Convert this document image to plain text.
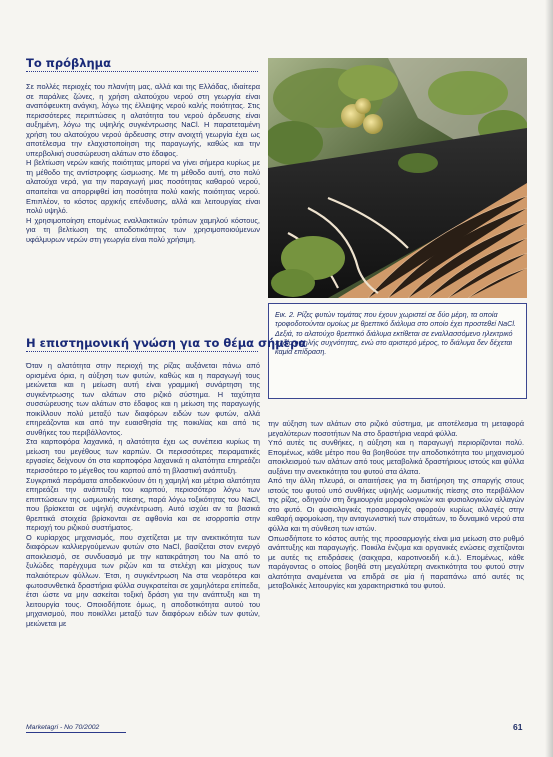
Το πρόβλημα

Σε πολλές περιοχές του πλανήτη μας, αλλά και της Ελλάδας, ιδιαίτερα σε παράλιες ζώνες, η χρήση αλατούχου νερού στη γεωργία είναι αναπόφευκτη ανάγκη, λόγω της έλλειψης νερού καλής ποιότητας. Στις περισσότερες περιπτώσεις η αλατότητα του νερού άρδευσης είναι αυξημένη, λόγω της υψηλής συγκέντρωσης NaCl. Η παρατεταμένη χρήση του αλατούχου νερού άρδευσης στην ανοιχτή γεωργία έχει ως αποτέλεσμα την ελαχιστοποίηση της παραγωγής, καθώς και την υπερβολική συσσώρευση αλάτων στο έδαφος.

Η βελτίωση νερών κακής ποιότητας μπορεί να γίνει σήμερα κυρίως με τη μέθοδο της αντίστροφης ώσμωσης. Με τη μέθοδο αυτή, στο πολύ αλατούχα νερά, για την παραγωγή μιας ποσότητας καθαρού νερού, απαιτείται να απορριφθεί ίση ποσότητα πολύ κακής ποιότητας νερού. Επιπλέον, το κόστος αρχικής επένδυσης, αλλά και λειτουργίας είναι πολύ υψηλό.

Η χρησιμοποίηση επομένως εναλλακτικών τρόπων χαμηλού κόστους, για τη βελτίωση της αποδοτικότητας των χρησιμοποιούμενων υφάλμυρων νερών στη γεωργία είναι πολύ χρήσιμη.

Εικ. 2. Ρίζες φυτών τομάτας που έχουν χωριστεί σε δύο μέρη, τα οποία τροφοδοτούνται ομοίως με θρεπτικό διάλυμα στο οποίο έχει προστεθεί NaCl. Δεξιά, το αλατούχο θρεπτικό διάλυμα εκτίθεται σε εναλλασσόμενο ηλεκτρικό πεδίο υψηλής συχνότητας, ενώ στο αριστερό μέρος, το διάλυμα δεν δέχεται καμία επίδραση.
Η επιστημονική γνώση για το θέμα σήμερα

Όταν η αλατότητα στην περιοχή της ρίζας αυξάνεται πάνω από ορισμένα όρια, η αύξηση των φυτών, καθώς και η παραγωγή τους μειώνεται και η μείωση αυτή είναι γραμμική συνάρτηση της συγκέντρωσης των αλάτων στο ριζικό σύστημα. Η ταχύτητα συσσώρευσης των αλάτων στο έδαφος και η μείωση της παραγωγής ποικίλλουν πολύ μεταξύ των διαφόρων ειδών των φυτών, αλλά επηρεάζονται και από την ευαισθησία της ποικιλίας και από τις συνθήκες του περιβάλλοντος.

Στα καρποφόρα λαχανικά, η αλατότητα έχει ως συνέπεια κυρίως τη μείωση του μεγέθους των καρπών. Οι περισσότερες πειραματικές εργασίες δείχνουν ότι στα καρποφόρα λαχανικά η αλατότητα επηρεάζει περισσότερο το μέγεθος του καρπού από τη βλαστική ανάπτυξη.

Συγκριτικά πειράματα αποδεικνύουν ότι η χαμηλή και μέτρια αλατότητα επηρεάζει την ανάπτυξη του καρπού, περισσότερο λόγω των επιπτώσεων της ωσμωτικής πίεσης, παρά λόγω τοξικότητας του NaCl, που βρίσκεται σε υψηλή συγκέντρωση. Αυτό ισχύει αν τα βασικά θρεπτικά στοιχεία βρίσκονται σε αφθονία και σε ισορροπία στην περιοχή του ριζικού συστήματος.

Ο κυρίαρχος μηχανισμός, που σχετίζεται με την ανεκτικότητα των διαφόρων καλλιεργούμενων φυτών στο NaCl, βασίζεται στον ενεργό αποκλεισμό, σε συνδυασμό με την κατακράτηση του Na από το ξυλώδες παρέγχυμα των ριζών και τα στελέχη και μίσχους των παλαιότερων φύλλων. Έτσι, η συγκέντρωση Na στα νεαρότερα και φωτοσυνθετικά δραστήρια φύλλα συγκρατείται σε χαμηλότερα επίπεδα, έτσι ώστε να μην ασκείται τοξική δράση για την ανάπτυξη και τη λειτουργία τους. Οποιοδήποτε όμως, η αποδοτικότητα αυτού του μηχανισμού, που ποικίλλει μεταξύ των διαφόρων ειδών των φυτών, μειώνεται με

την αύξηση των αλάτων στο ριζικό σύστημα, με αποτέλεσμα τη μεταφορά μεγαλύτερων ποσοτήτων Na στο δραστήρια νεαρά φύλλα.

Υπό αυτές τις συνθήκες, η αύξηση και η παραγωγή περιορίζονται πολύ. Επομένως, κάθε μέτρο που θα βοηθούσε την αποδοτικότητα του μηχανισμού αποκλεισμού των αλάτων από τους μεταβολικά δραστήριους ιστούς και φύλλα αυξάνει την ανεκτικότητα του φυτού στα άλατα.

Από την άλλη πλευρά, οι απαιτήσεις για τη διατήρηση της σπαργής στους ιστούς του φυτού υπό συνθήκες υψηλής ωσμωτικής πίεσης στο περιβάλλον της ρίζας, οδηγούν στη δημιουργία μορφολογικών και φυσιολογικών αλλαγών στο φυτό. Οι φυσιολογικές προσαρμογές αφορούν κυρίως αλλαγές στην καθαρή αφομοίωση, την ανταγωνιστική των στομάτων, το δυναμικό νερού στα φύλλα και τη σύνθεση των ιστών.

Οπωσδήποτε το κόστος αυτής της προσαρμογής είναι μια μείωση στο ρυθμό ανάπτυξης και παραγωγής. Ποικίλα ένζυμα και οργανικές ενώσεις σχετίζονται με αυτές τις επιδράσεις (σακχαρα, καροτινοειδή κ.ά.). Επομένως, κάθε παράγοντας ο οποίος βοηθά στη μεγαλύτερη ανεκτικότητα του φυτού στην αλατότητα αναμένεται να επιδρά σε μία ή παραπάνω από αυτές τις μεταβολικές λειτουργίες και χαρακτηριστικά του φυτού.

Marketagri - No 70/2002	61
